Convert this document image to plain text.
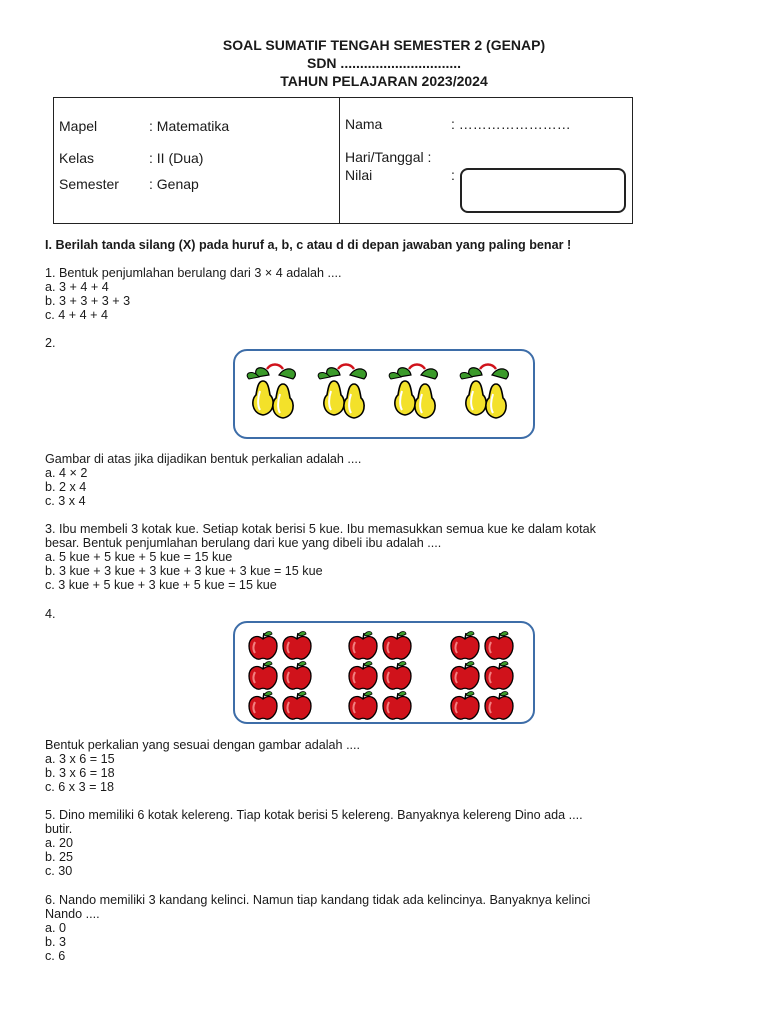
SOAL SUMATIF TENGAH SEMESTER 2 (GENAP)
SDN ...............................
TAHUN PELAJARAN 2023/2024
Mapel	: Matematika
Kelas	: II (Dua)
Semester : Genap
Nama	: ……………………
Hari/Tanggal :
Nilai	:
I. Berilah tanda silang (X) pada huruf a, b, c atau d di depan jawaban yang paling benar !
1. Bentuk penjumlahan berulang dari 3 × 4 adalah ....
a. 3 + 4 + 4
b. 3 + 3 + 3 + 3
c. 4 + 4 + 4
2.
Gambar di atas jika dijadikan bentuk perkalian adalah ....
a. 4 × 2
b. 2 x 4
c. 3 x 4
3. Ibu membeli 3 kotak kue. Setiap kotak berisi 5 kue. Ibu memasukkan semua kue ke dalam kotak
besar. Bentuk penjumlahan berulang dari kue yang dibeli ibu adalah ....
a. 5 kue + 5 kue + 5 kue = 15 kue
b. 3 kue + 3 kue + 3 kue + 3 kue + 3 kue = 15 kue
c. 3 kue + 5 kue + 3 kue + 5 kue = 15 kue
4.
Bentuk perkalian yang sesuai dengan gambar adalah ....
a. 3 x 6 = 15
b. 3 x 6 = 18
c. 6 x 3 = 18
5. Dino memiliki 6 kotak kelereng. Tiap kotak berisi 5 kelereng. Banyaknya kelereng Dino ada ....
butir.
a. 20
b. 25
c. 30
6. Nando memiliki 3 kandang kelinci. Namun tiap kandang tidak ada kelincinya. Banyaknya kelinci
Nando ....
a. 0
b. 3
c. 6
